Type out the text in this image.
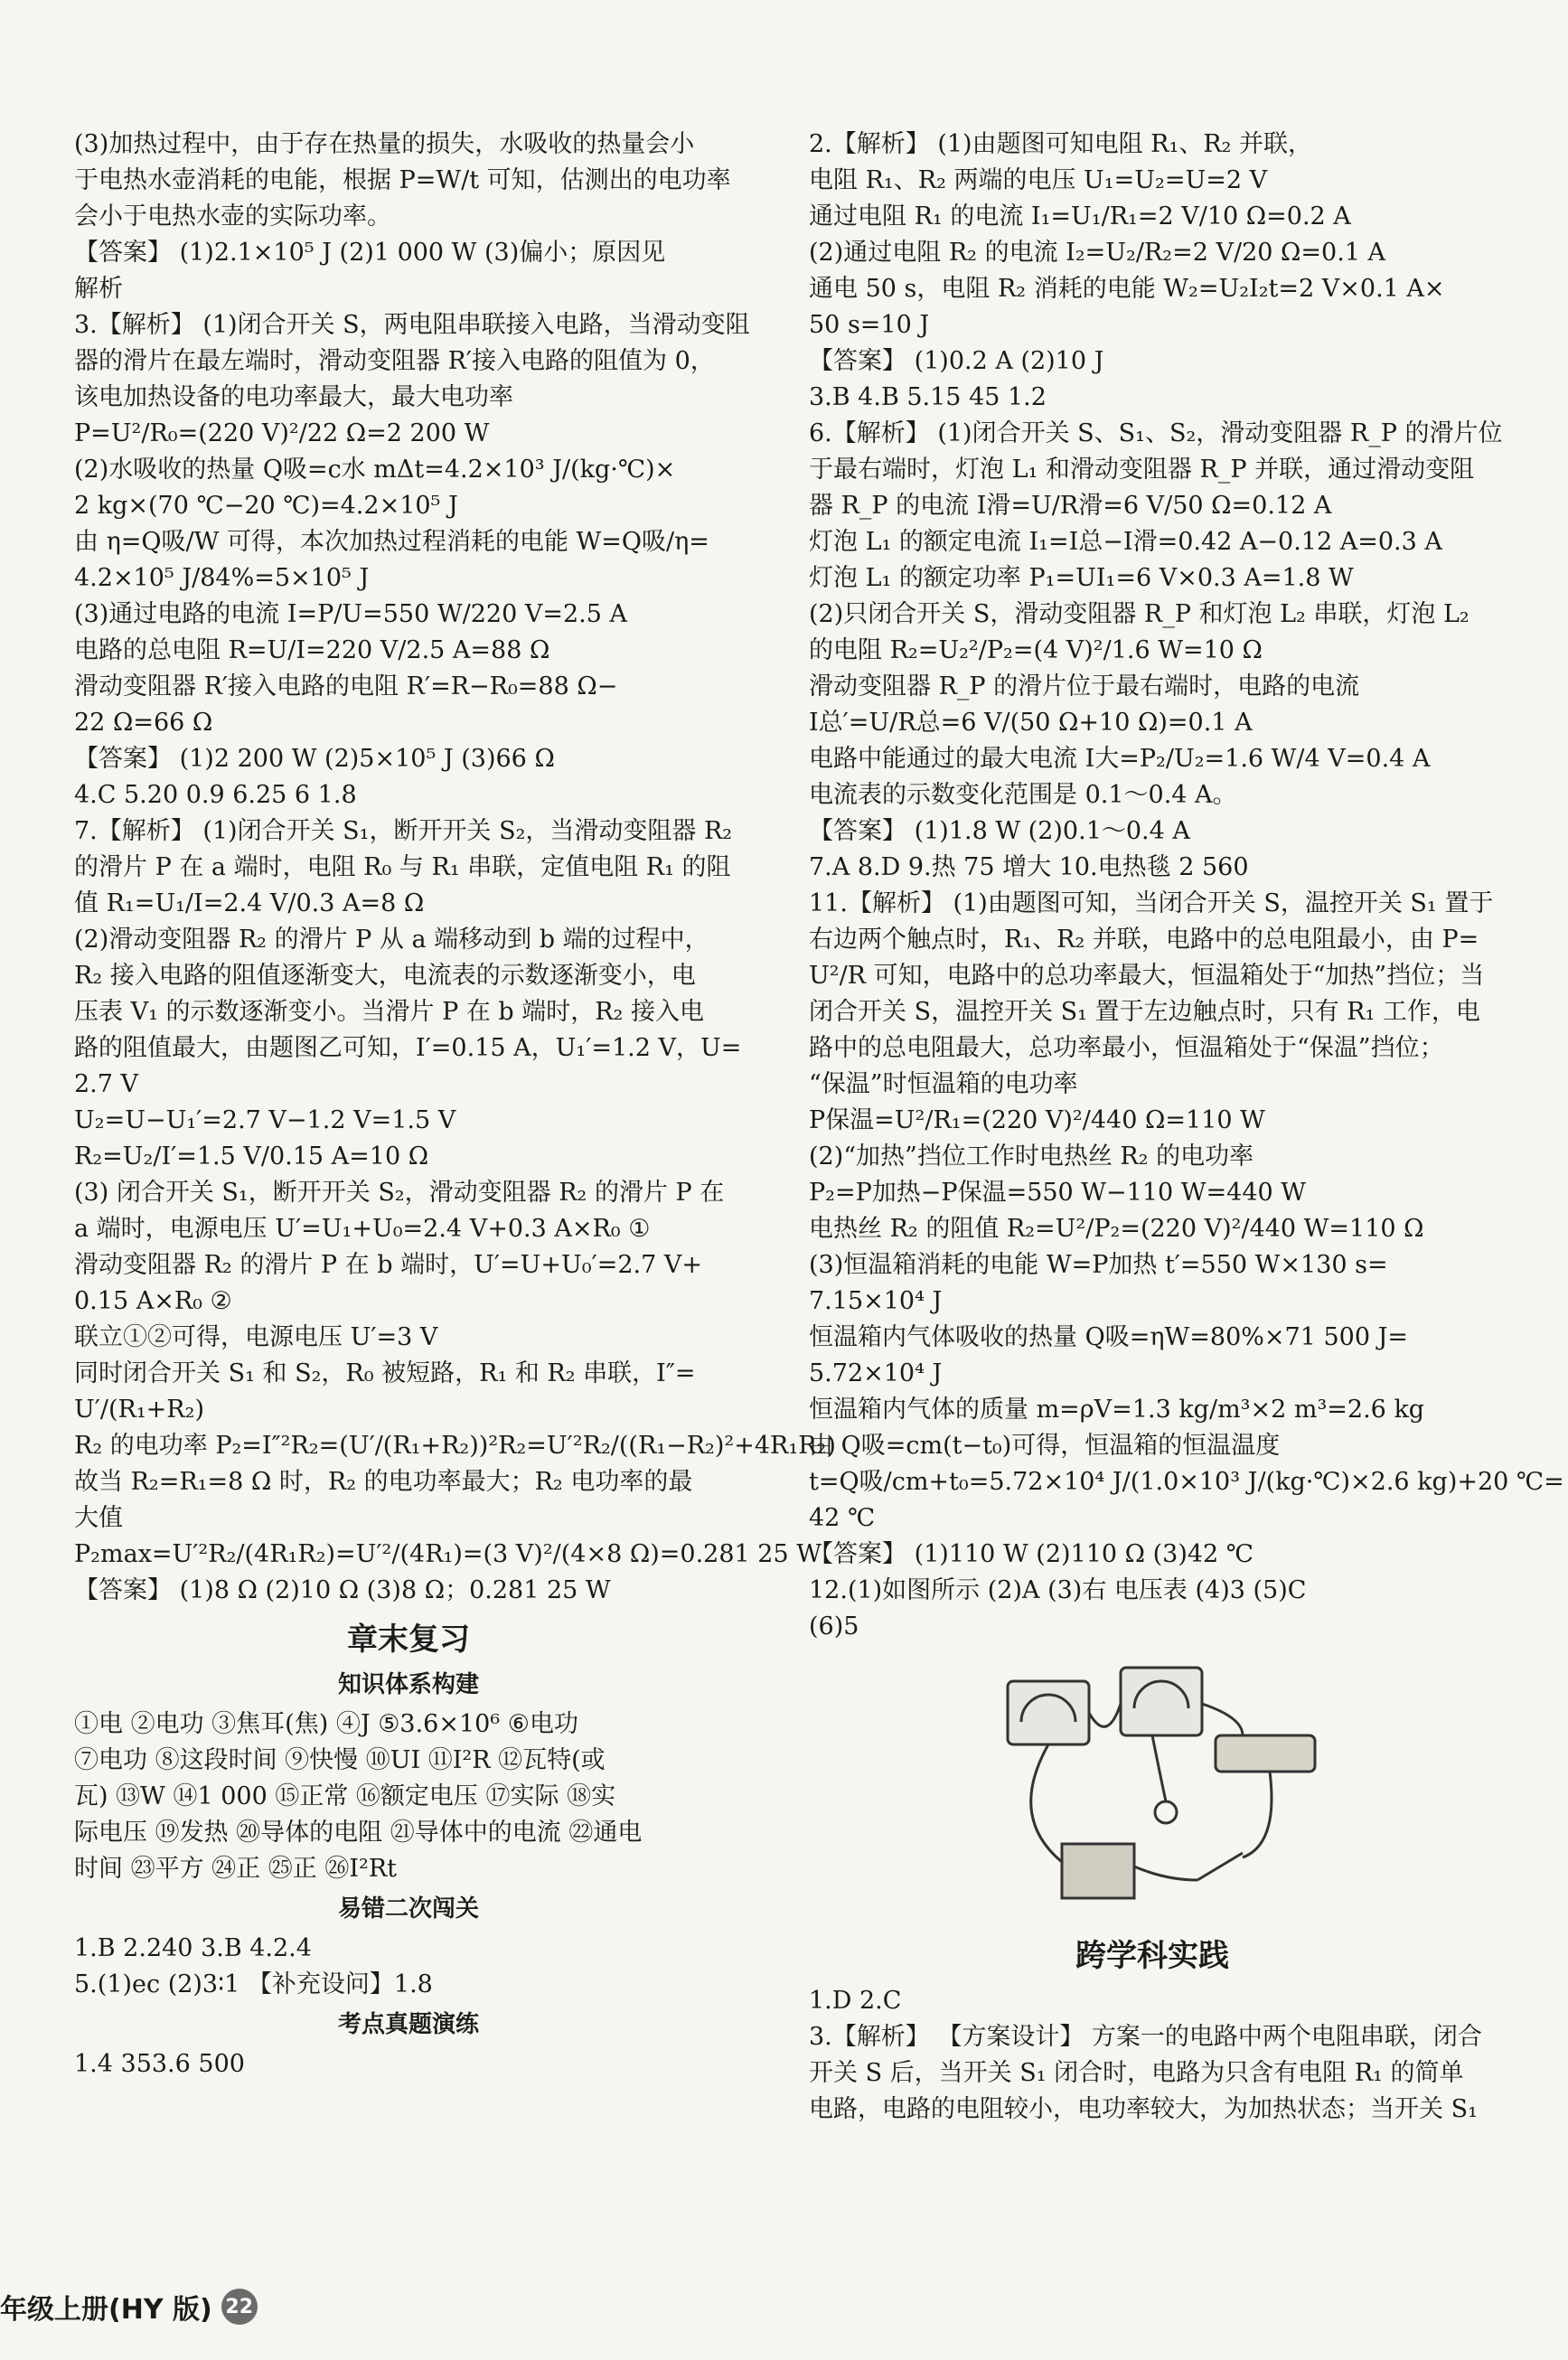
(3)加热过程中，由于存在热量的损失，水吸收的热量会小
于电热水壶消耗的电能，根据 P=W/t 可知，估测出的电功率
会小于电热水壶的实际功率。
【答案】 (1)2.1×10⁵ J (2)1 000 W (3)偏小；原因见
解析
3.【解析】 (1)闭合开关 S，两电阻串联接入电路，当滑动变阻
器的滑片在最左端时，滑动变阻器 R′接入电路的阻值为 0，
该电加热设备的电功率最大，最大电功率
P=U²/R₀=(220 V)²/22 Ω=2 200 W
(2)水吸收的热量 Q吸=c水 mΔt=4.2×10³ J/(kg·℃)×
2 kg×(70 ℃−20 ℃)=4.2×10⁵ J
由 η=Q吸/W 可得，本次加热过程消耗的电能 W=Q吸/η=
4.2×10⁵ J/84%=5×10⁵ J
(3)通过电路的电流 I=P/U=550 W/220 V=2.5 A
电路的总电阻 R=U/I=220 V/2.5 A=88 Ω
滑动变阻器 R′接入电路的电阻 R′=R−R₀=88 Ω−
22 Ω=66 Ω
【答案】 (1)2 200 W (2)5×10⁵ J (3)66 Ω
4.C 5.20 0.9 6.25 6 1.8
7.【解析】 (1)闭合开关 S₁，断开开关 S₂，当滑动变阻器 R₂
的滑片 P 在 a 端时，电阻 R₀ 与 R₁ 串联，定值电阻 R₁ 的阻
值 R₁=U₁/I=2.4 V/0.3 A=8 Ω
(2)滑动变阻器 R₂ 的滑片 P 从 a 端移动到 b 端的过程中，
R₂ 接入电路的阻值逐渐变大，电流表的示数逐渐变小，电
压表 V₁ 的示数逐渐变小。当滑片 P 在 b 端时，R₂ 接入电
路的阻值最大，由题图乙可知，I′=0.15 A，U₁′=1.2 V，U=
2.7 V
U₂=U−U₁′=2.7 V−1.2 V=1.5 V
R₂=U₂/I′=1.5 V/0.15 A=10 Ω
(3) 闭合开关 S₁，断开开关 S₂，滑动变阻器 R₂ 的滑片 P 在
a 端时，电源电压 U′=U₁+U₀=2.4 V+0.3 A×R₀ ①
滑动变阻器 R₂ 的滑片 P 在 b 端时，U′=U+U₀′=2.7 V+
0.15 A×R₀ ②
联立①②可得，电源电压 U′=3 V
同时闭合开关 S₁ 和 S₂，R₀ 被短路，R₁ 和 R₂ 串联，I″=
U′/(R₁+R₂)
R₂ 的电功率 P₂=I″²R₂=(U′/(R₁+R₂))²R₂=U′²R₂/((R₁−R₂)²+4R₁R₂)
故当 R₂=R₁=8 Ω 时，R₂ 的电功率最大；R₂ 电功率的最
大值
P₂max=U′²R₂/(4R₁R₂)=U′²/(4R₁)=(3 V)²/(4×8 Ω)=0.281 25 W
【答案】 (1)8 Ω (2)10 Ω (3)8 Ω；0.281 25 W
章末复习
知识体系构建
①电 ②电功 ③焦耳(焦) ④J ⑤3.6×10⁶ ⑥电功
⑦电功 ⑧这段时间 ⑨快慢 ⑩UI ⑪I²R ⑫瓦特(或
瓦) ⑬W ⑭1 000 ⑮正常 ⑯额定电压 ⑰实际 ⑱实
际电压 ⑲发热 ⑳导体的电阻 ㉑导体中的电流 ㉒通电
时间 ㉓平方 ㉔正 ㉕正 ㉖I²Rt
易错二次闯关
1.B 2.240 3.B 4.2.4
5.(1)ec (2)3∶1 【补充设问】1.8
考点真题演练
1.4 353.6 500
2.【解析】 (1)由题图可知电阻 R₁、R₂ 并联，
电阻 R₁、R₂ 两端的电压 U₁=U₂=U=2 V
通过电阻 R₁ 的电流 I₁=U₁/R₁=2 V/10 Ω=0.2 A
(2)通过电阻 R₂ 的电流 I₂=U₂/R₂=2 V/20 Ω=0.1 A
通电 50 s，电阻 R₂ 消耗的电能 W₂=U₂I₂t=2 V×0.1 A×
50 s=10 J
【答案】 (1)0.2 A (2)10 J
3.B 4.B 5.15 45 1.2
6.【解析】 (1)闭合开关 S、S₁、S₂，滑动变阻器 R_P 的滑片位
于最右端时，灯泡 L₁ 和滑动变阻器 R_P 并联，通过滑动变阻
器 R_P 的电流 I滑=U/R滑=6 V/50 Ω=0.12 A
灯泡 L₁ 的额定电流 I₁=I总−I滑=0.42 A−0.12 A=0.3 A
灯泡 L₁ 的额定功率 P₁=UI₁=6 V×0.3 A=1.8 W
(2)只闭合开关 S，滑动变阻器 R_P 和灯泡 L₂ 串联，灯泡 L₂
的电阻 R₂=U₂²/P₂=(4 V)²/1.6 W=10 Ω
滑动变阻器 R_P 的滑片位于最右端时，电路的电流
I总′=U/R总=6 V/(50 Ω+10 Ω)=0.1 A
电路中能通过的最大电流 I大=P₂/U₂=1.6 W/4 V=0.4 A
电流表的示数变化范围是 0.1～0.4 A。
【答案】 (1)1.8 W (2)0.1～0.4 A
7.A 8.D 9.热 75 增大 10.电热毯 2 560
11.【解析】 (1)由题图可知，当闭合开关 S，温控开关 S₁ 置于
右边两个触点时，R₁、R₂ 并联，电路中的总电阻最小，由 P=
U²/R 可知，电路中的总功率最大，恒温箱处于“加热”挡位；当
闭合开关 S，温控开关 S₁ 置于左边触点时，只有 R₁ 工作，电
路中的总电阻最大，总功率最小，恒温箱处于“保温”挡位；
“保温”时恒温箱的电功率
P保温=U²/R₁=(220 V)²/440 Ω=110 W
(2)“加热”挡位工作时电热丝 R₂ 的电功率
P₂=P加热−P保温=550 W−110 W=440 W
电热丝 R₂ 的阻值 R₂=U²/P₂=(220 V)²/440 W=110 Ω
(3)恒温箱消耗的电能 W=P加热 t′=550 W×130 s=
7.15×10⁴ J
恒温箱内气体吸收的热量 Q吸=ηW=80%×71 500 J=
5.72×10⁴ J
恒温箱内气体的质量 m=ρV=1.3 kg/m³×2 m³=2.6 kg
由 Q吸=cm(t−t₀)可得，恒温箱的恒温温度
t=Q吸/cm+t₀=5.72×10⁴ J/(1.0×10³ J/(kg·℃)×2.6 kg)+20 ℃=
42 ℃
【答案】 (1)110 W (2)110 Ω (3)42 ℃
12.(1)如图所示 (2)A (3)右 电压表 (4)3 (5)C
(6)5
跨学科实践
1.D 2.C
3.【解析】 【方案设计】 方案一的电路中两个电阻串联，闭合
开关 S 后，当开关 S₁ 闭合时，电路为只含有电阻 R₁ 的简单
电路，电路的电阻较小，电功率较大，为加热状态；当开关 S₁
年级上册(HY 版) 22
